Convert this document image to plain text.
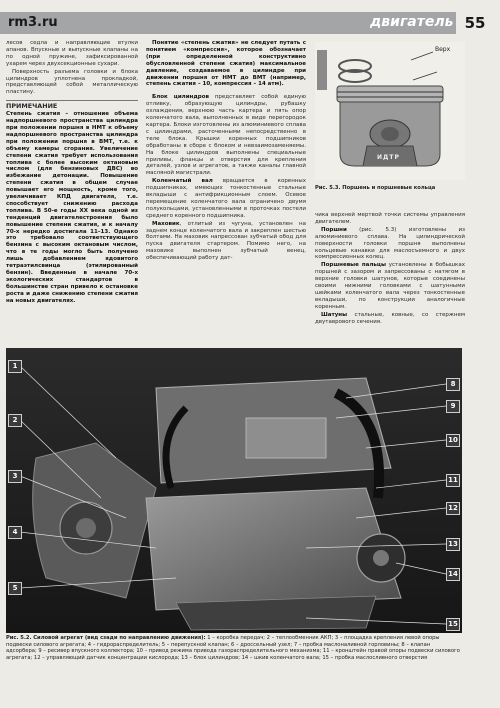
rm3.ru	двигатель 55

лесов седла и направляющие втулки апанов. Впускные и выпускные клапаны на по одной пружине, зафиксированной ухарем через двухсекционные сухари.

Поверхность разъема головки и блока цилиндров уплотнена прокладкой, представляющей собой металлическую пластину.

ПРИМЕЧАНИЕ
Степень сжатия – отношение объема надпоршневого пространства цилиндра при положении поршня в НМТ к объему надпоршневого пространства цилиндра при положении поршня в ВМТ, т.е. к объему камеры сгорания. Увеличение степени сжатия требует использования топлива с более высоким октановым числом (для бензиновых ДВС) во избежание детонации. Повышение степени сжатия в общем случае повышает его мощность, кроме того, увеличивает КПД двигателя, т.е. способствует снижению расхода топлива. В 50-е годы XX века одной из тенденций двигателестроения было повышение степени сжатия, и к началу 70-х нередко достигала 11–13. Однако это требовало соответствующего бензина с высоким октановым числом, что в те годы могло быть получено лишь добавлением ядовитого тетраэтилсвинца (этилированный бензин). Введенные в начале 70-х экологических стандартов в большинстве стран привело к остановке роста и даже снижению степени сжатия на новых двигателях.

Понятие «степень сжатия» не следует путать с понятием «компрессия», которое обозначает (при определенной конструктивно обусловленной степени сжатия) максимальное давление, создаваемое в цилиндре при движении поршня от НМТ до ВМТ (например, степень сжатия – 10, компрессия – 14 атм).

Блок цилиндров представляет собой единую отливку, образующую цилиндры, рубашку охлаждения, верхнюю часть картера и пять опор коленчатого вала, выполненных в виде перегородок картера. Блоки изготовлены из алюминиевого сплава с цилиндрами, расточенными непосредственно в теле блока. Крышки коренных подшипников обработаны в сборе с блоком и невзаимозаменяемы. На блоке цилиндров выполнены специальные приливы, фланцы и отверстия для крепления деталей, узлов и агрегатов, а также каналы главной масляной магистрали.

Коленчатый вал вращается в коренных подшипниках, имеющих тонкостенные стальные вкладыши с антифрикционным слоем. Осевое перемещение коленчатого вала ограничено двумя полукольцами, установленными в проточках постели среднего коренного подшипника.

Маховик, отлитый из чугуна, установлен на заднем конце коленчатого вала и закреплен шестью болтами. На маховик напрессован зубчатый обод для пуска двигателя стартером. Помимо него, на маховике выполнен зубчатый венец, обеспечивающий работу дат-

Верх
ИДТР
Рис. 5.3. Поршень и поршневые кольца

чика верхней мертвой точки системы управления двигателем.

Поршни (рис. 5.3) изготовлены из алюминиевого сплава. На цилиндрической поверхности головки поршня выполнены кольцевые канавки для маслосъемного и двух компрессионных колец.

Поршневые пальцы установлены в бобышках поршней с зазором и запрессованы с натягом в верхние головки шатунов, которые соединены своими нижними головками с шатунными шейками коленчатого вала через тонкостенные вкладыши, по конструкции аналогичные коренным.

Шатуны стальные, ковные, со стержнем двутаврового сечения.

1
2
3
4
5
8
9
10
11
12
13
14
15
Рис. 5.2. Силовой агрегат (вид сзади по направлению движения): 1 – коробка передач; 2 – теплообменник АКП; 3 – площадка крепления левой опоры подвески силового агрегата; 4 – гидрораспределитель; 5 – перепускной клапан; 6 – дроссельный узел; 7 – пробка маслоналивной горловины; 8 – клапан адсорбера; 9 – ресивер впускного коллектора; 10 – привод режима привода газораспределительного механизма; 11 – кронштейн правой опоры подвески силового агрегата; 12 – управляющий датчик концентрации кислорода; 13 – блок цилиндров; 14 – шкив коленчатого вала; 15 – пробка маслосливного отверстия
